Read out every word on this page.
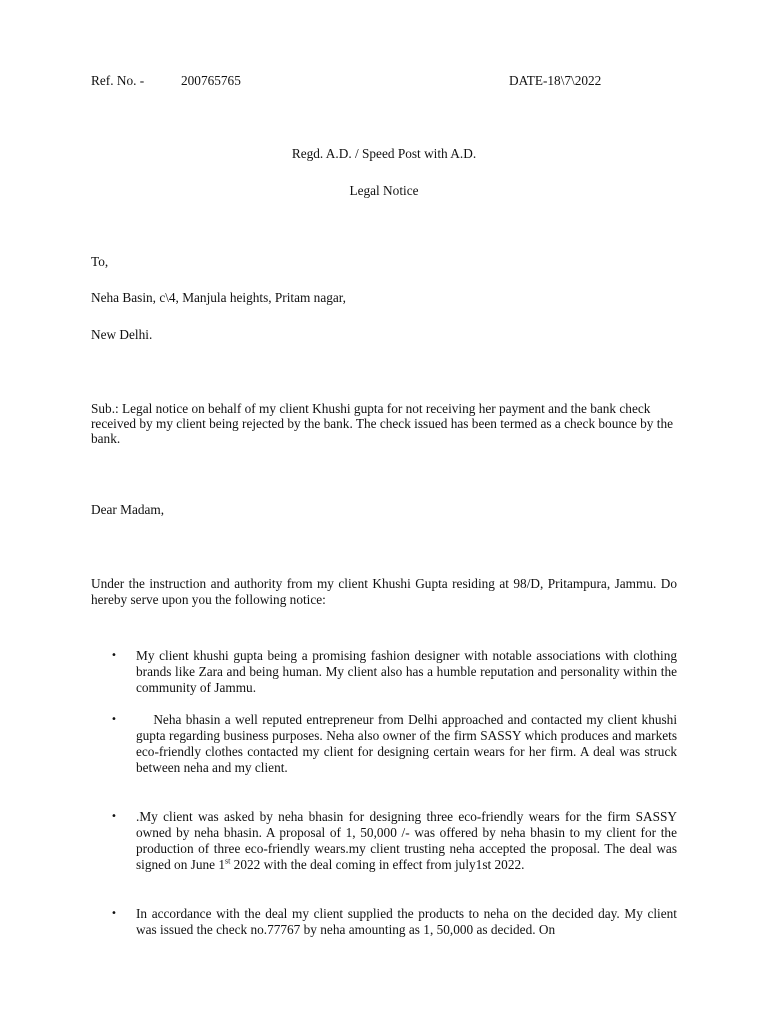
Ref. No. -	200765765	DATE-18\7\2022
Regd. A.D. / Speed Post with A.D.
Legal Notice
To,
Neha Basin, c\4, Manjula heights, Pritam nagar,
New Delhi.
Sub.: Legal notice on behalf of my client Khushi gupta for not receiving her payment and the bank check received by my client being rejected by the bank. The check issued has been termed as a check bounce by the bank.
Dear Madam,
Under the instruction and authority from my client Khushi Gupta residing at 98/D, Pritampura, Jammu. Do hereby serve upon you the following notice:
• My client khushi gupta being a promising fashion designer with notable associations with clothing brands like Zara and being human. My client also has a humble reputation and personality within the community of Jammu.
• Neha bhasin a well reputed entrepreneur from Delhi approached and contacted my client khushi gupta regarding business purposes. Neha also owner of the firm SASSY which produces and markets eco-friendly clothes contacted my client for designing certain wears for her firm. A deal was struck between neha and my client.
• .My client was asked by neha bhasin for designing three eco-friendly wears for the firm SASSY owned by neha bhasin. A proposal of 1, 50,000 /- was offered by neha bhasin to my client for the production of three eco-friendly wears.my client trusting neha accepted the proposal. The deal was signed on June 1st 2022 with the deal coming in effect from july1st 2022.
• In accordance with the deal my client supplied the products to neha on the decided day. My client was issued the check no.77767 by neha amounting as 1, 50,000 as decided. On
